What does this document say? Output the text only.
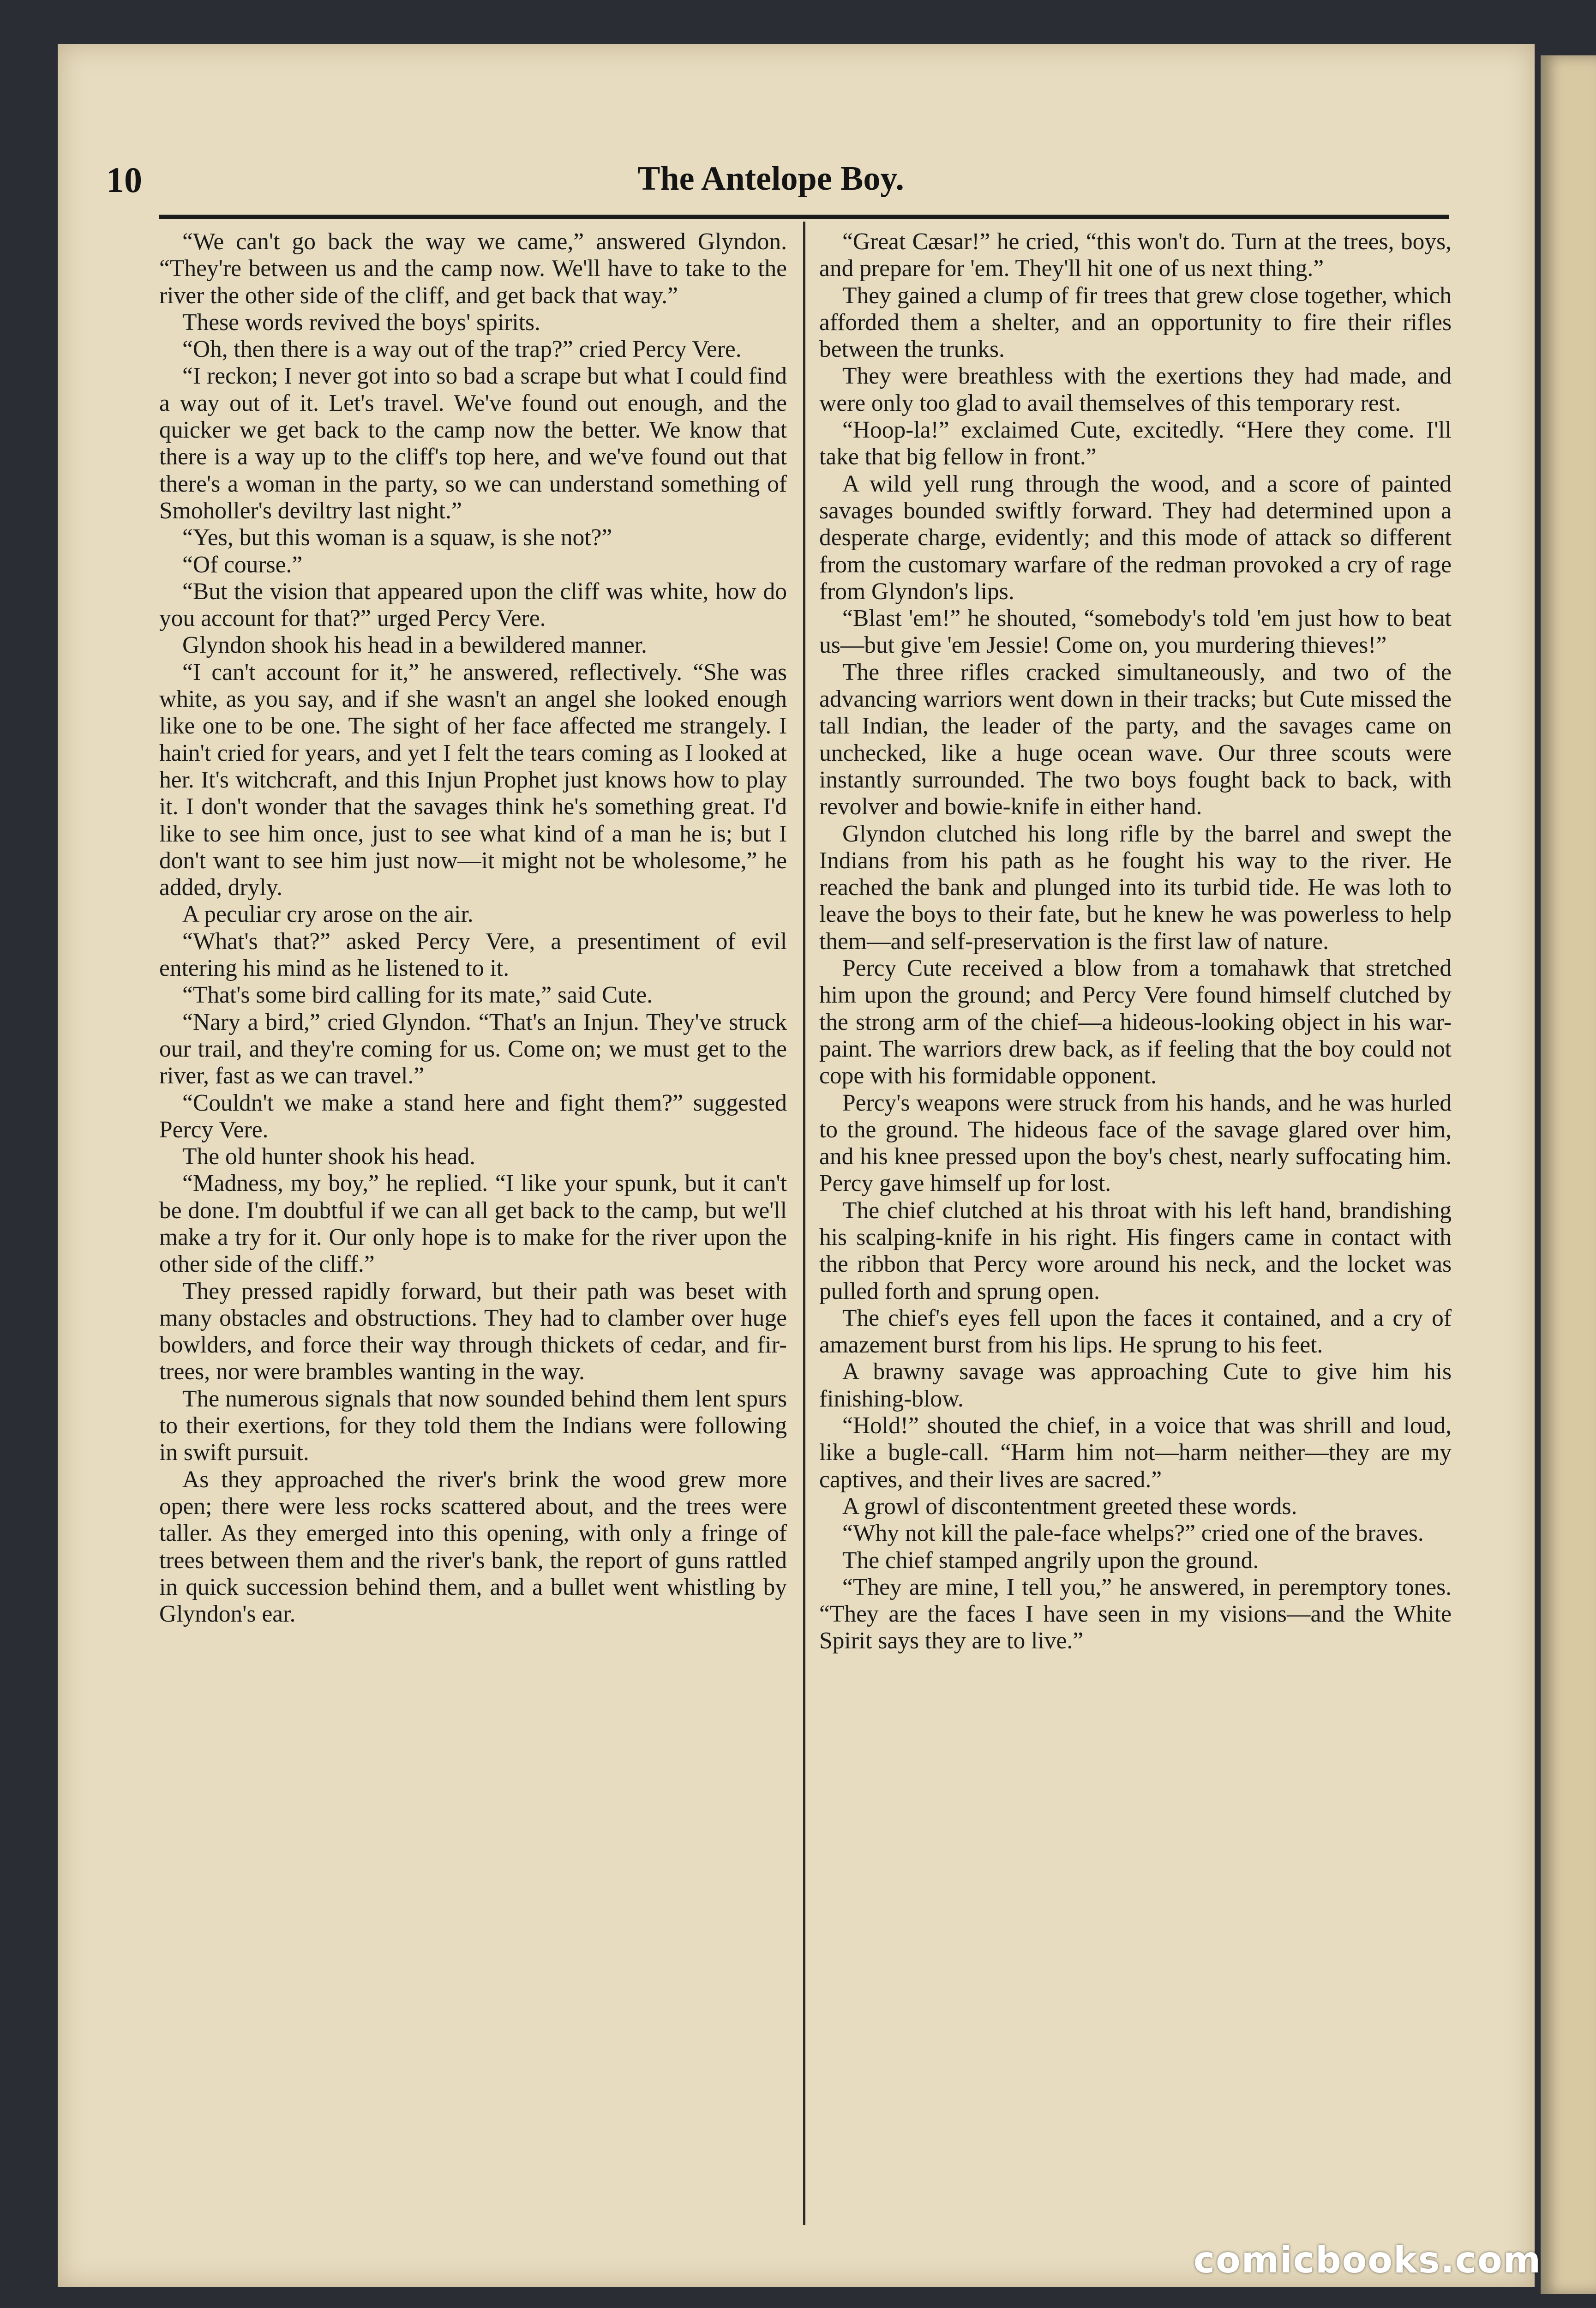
10	The Antelope Boy.

“We can't go back the way we came,” answered Glyndon. “They're between us and the camp now. We'll have to take to the river the other side of the cliff, and get back that way.”

These words revived the boys' spirits.

“Oh, then there is a way out of the trap?” cried Percy Vere.

“I reckon; I never got into so bad a scrape but what I could find a way out of it. Let's travel. We've found out enough, and the quicker we get back to the camp now the better. We know that there is a way up to the cliff's top here, and we've found out that there's a woman in the party, so we can understand something of Smoholler's deviltry last night.”

“Yes, but this woman is a squaw, is she not?”

“Of course.”

“But the vision that appeared upon the cliff was white, how do you account for that?” urged Percy Vere.

Glyndon shook his head in a bewildered manner.

“I can't account for it,” he answered, reflectively. “She was white, as you say, and if she wasn't an angel she looked enough like one to be one. The sight of her face affected me strangely. I hain't cried for years, and yet I felt the tears coming as I looked at her. It's witchcraft, and this Injun Prophet just knows how to play it. I don't wonder that the savages think he's something great. I'd like to see him once, just to see what kind of a man he is; but I don't want to see him just now—it might not be wholesome,” he added, dryly.

A peculiar cry arose on the air.

“What's that?” asked Percy Vere, a presentiment of evil entering his mind as he listened to it.

“That's some bird calling for its mate,” said Cute.

“Nary a bird,” cried Glyndon. “That's an Injun. They've struck our trail, and they're coming for us. Come on; we must get to the river, fast as we can travel.”

“Couldn't we make a stand here and fight them?” suggested Percy Vere.

The old hunter shook his head.

“Madness, my boy,” he replied. “I like your spunk, but it can't be done. I'm doubtful if we can all get back to the camp, but we'll make a try for it. Our only hope is to make for the river upon the other side of the cliff.”

They pressed rapidly forward, but their path was beset with many obstacles and obstructions. They had to clamber over huge bowlders, and force their way through thickets of cedar, and fir-trees, nor were brambles wanting in the way.

The numerous signals that now sounded behind them lent spurs to their exertions, for they told them the Indians were following in swift pursuit.

As they approached the river's brink the wood grew more open; there were less rocks scattered about, and the trees were taller. As they emerged into this opening, with only a fringe of trees between them and the river's bank, the report of guns rattled in quick succession behind them, and a bullet went whistling by Glyndon's ear.

“Great Cæsar!” he cried, “this won't do. Turn at the trees, boys, and prepare for 'em. They'll hit one of us next thing.”

They gained a clump of fir trees that grew close together, which afforded them a shelter, and an opportunity to fire their rifles between the trunks.

They were breathless with the exertions they had made, and were only too glad to avail themselves of this temporary rest.

“Hoop-la!” exclaimed Cute, excitedly. “Here they come. I'll take that big fellow in front.”

A wild yell rung through the wood, and a score of painted savages bounded swiftly forward. They had determined upon a desperate charge, evidently; and this mode of attack so different from the customary warfare of the redman provoked a cry of rage from Glyndon's lips.

“Blast 'em!” he shouted, “somebody's told 'em just how to beat us—but give 'em Jessie! Come on, you murdering thieves!”

The three rifles cracked simultaneously, and two of the advancing warriors went down in their tracks; but Cute missed the tall Indian, the leader of the party, and the savages came on unchecked, like a huge ocean wave. Our three scouts were instantly surrounded. The two boys fought back to back, with revolver and bowie-knife in either hand.

Glyndon clutched his long rifle by the barrel and swept the Indians from his path as he fought his way to the river. He reached the bank and plunged into its turbid tide. He was loth to leave the boys to their fate, but he knew he was powerless to help them—and self-preservation is the first law of nature.

Percy Cute received a blow from a tomahawk that stretched him upon the ground; and Percy Vere found himself clutched by the strong arm of the chief—a hideous-looking object in his war-paint. The warriors drew back, as if feeling that the boy could not cope with his formidable opponent.

Percy's weapons were struck from his hands, and he was hurled to the ground. The hideous face of the savage glared over him, and his knee pressed upon the boy's chest, nearly suffocating him. Percy gave himself up for lost.

The chief clutched at his throat with his left hand, brandishing his scalping-knife in his right. His fingers came in contact with the ribbon that Percy wore around his neck, and the locket was pulled forth and sprung open.

The chief's eyes fell upon the faces it contained, and a cry of amazement burst from his lips. He sprung to his feet.

A brawny savage was approaching Cute to give him his finishing-blow.

“Hold!” shouted the chief, in a voice that was shrill and loud, like a bugle-call. “Harm him not—harm neither—they are my captives, and their lives are sacred.”

A growl of discontentment greeted these words.

“Why not kill the pale-face whelps?” cried one of the braves.

The chief stamped angrily upon the ground.

“They are mine, I tell you,” he answered, in peremptory tones. “They are the faces I have seen in my visions—and the White Spirit says they are to live.”

comicbooks.com
